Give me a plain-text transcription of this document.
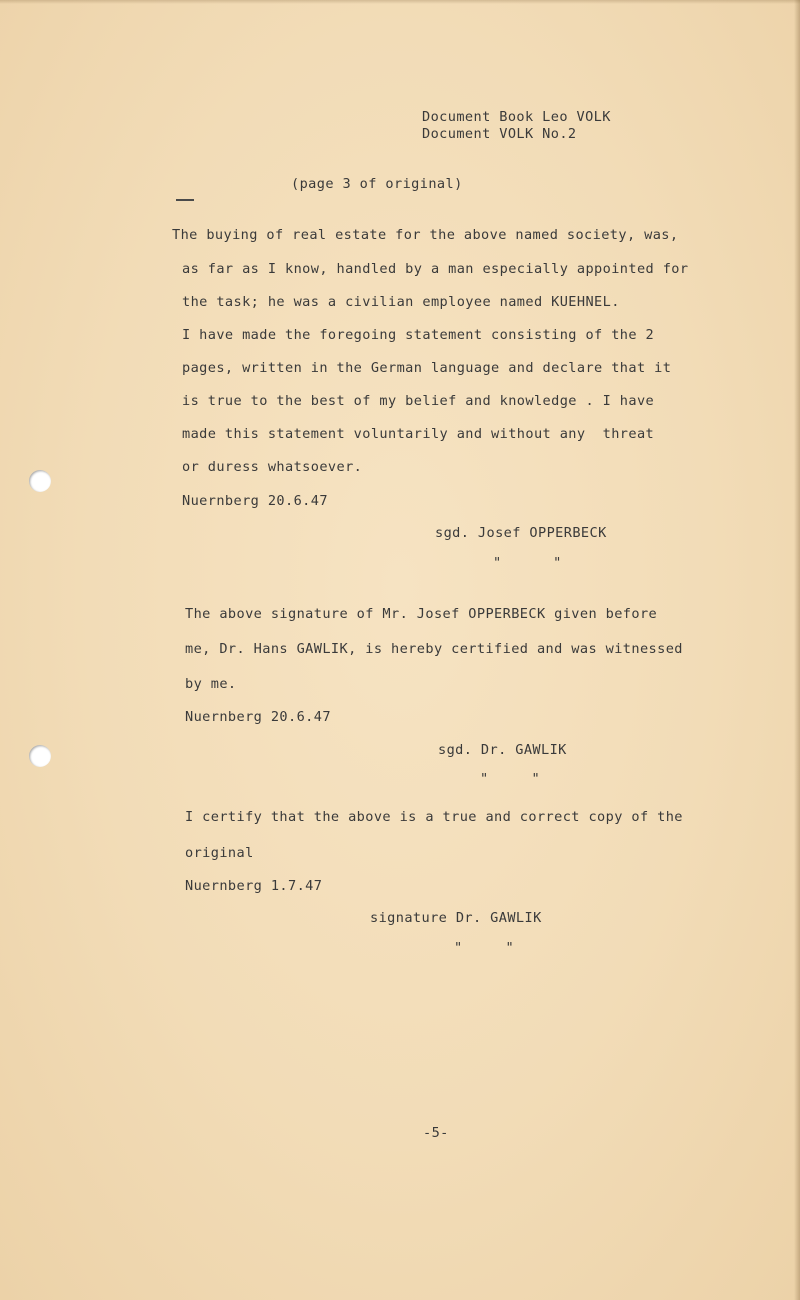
Document Book Leo VOLK
Document VOLK No.2
(page 3 of original)
The buying of real estate for the above named society, was,
as far as I know, handled by a man especially appointed for
the task; he was a civilian employee named KUEHNEL.
I have made the foregoing statement consisting of the 2
pages, written in the German language and declare that it
is true to the best of my belief and knowledge . I have
made this statement voluntarily and without any  threat
or duress whatsoever.
Nuernberg 20.6.47
sgd. Josef OPPERBECK
"      "
The above signature of Mr. Josef OPPERBECK given before
me, Dr. Hans GAWLIK, is hereby certified and was witnessed
by me.
Nuernberg 20.6.47
sgd. Dr. GAWLIK
"     "
I certify that the above is a true and correct copy of the
original
Nuernberg 1.7.47
signature Dr. GAWLIK
"     "
-5-
